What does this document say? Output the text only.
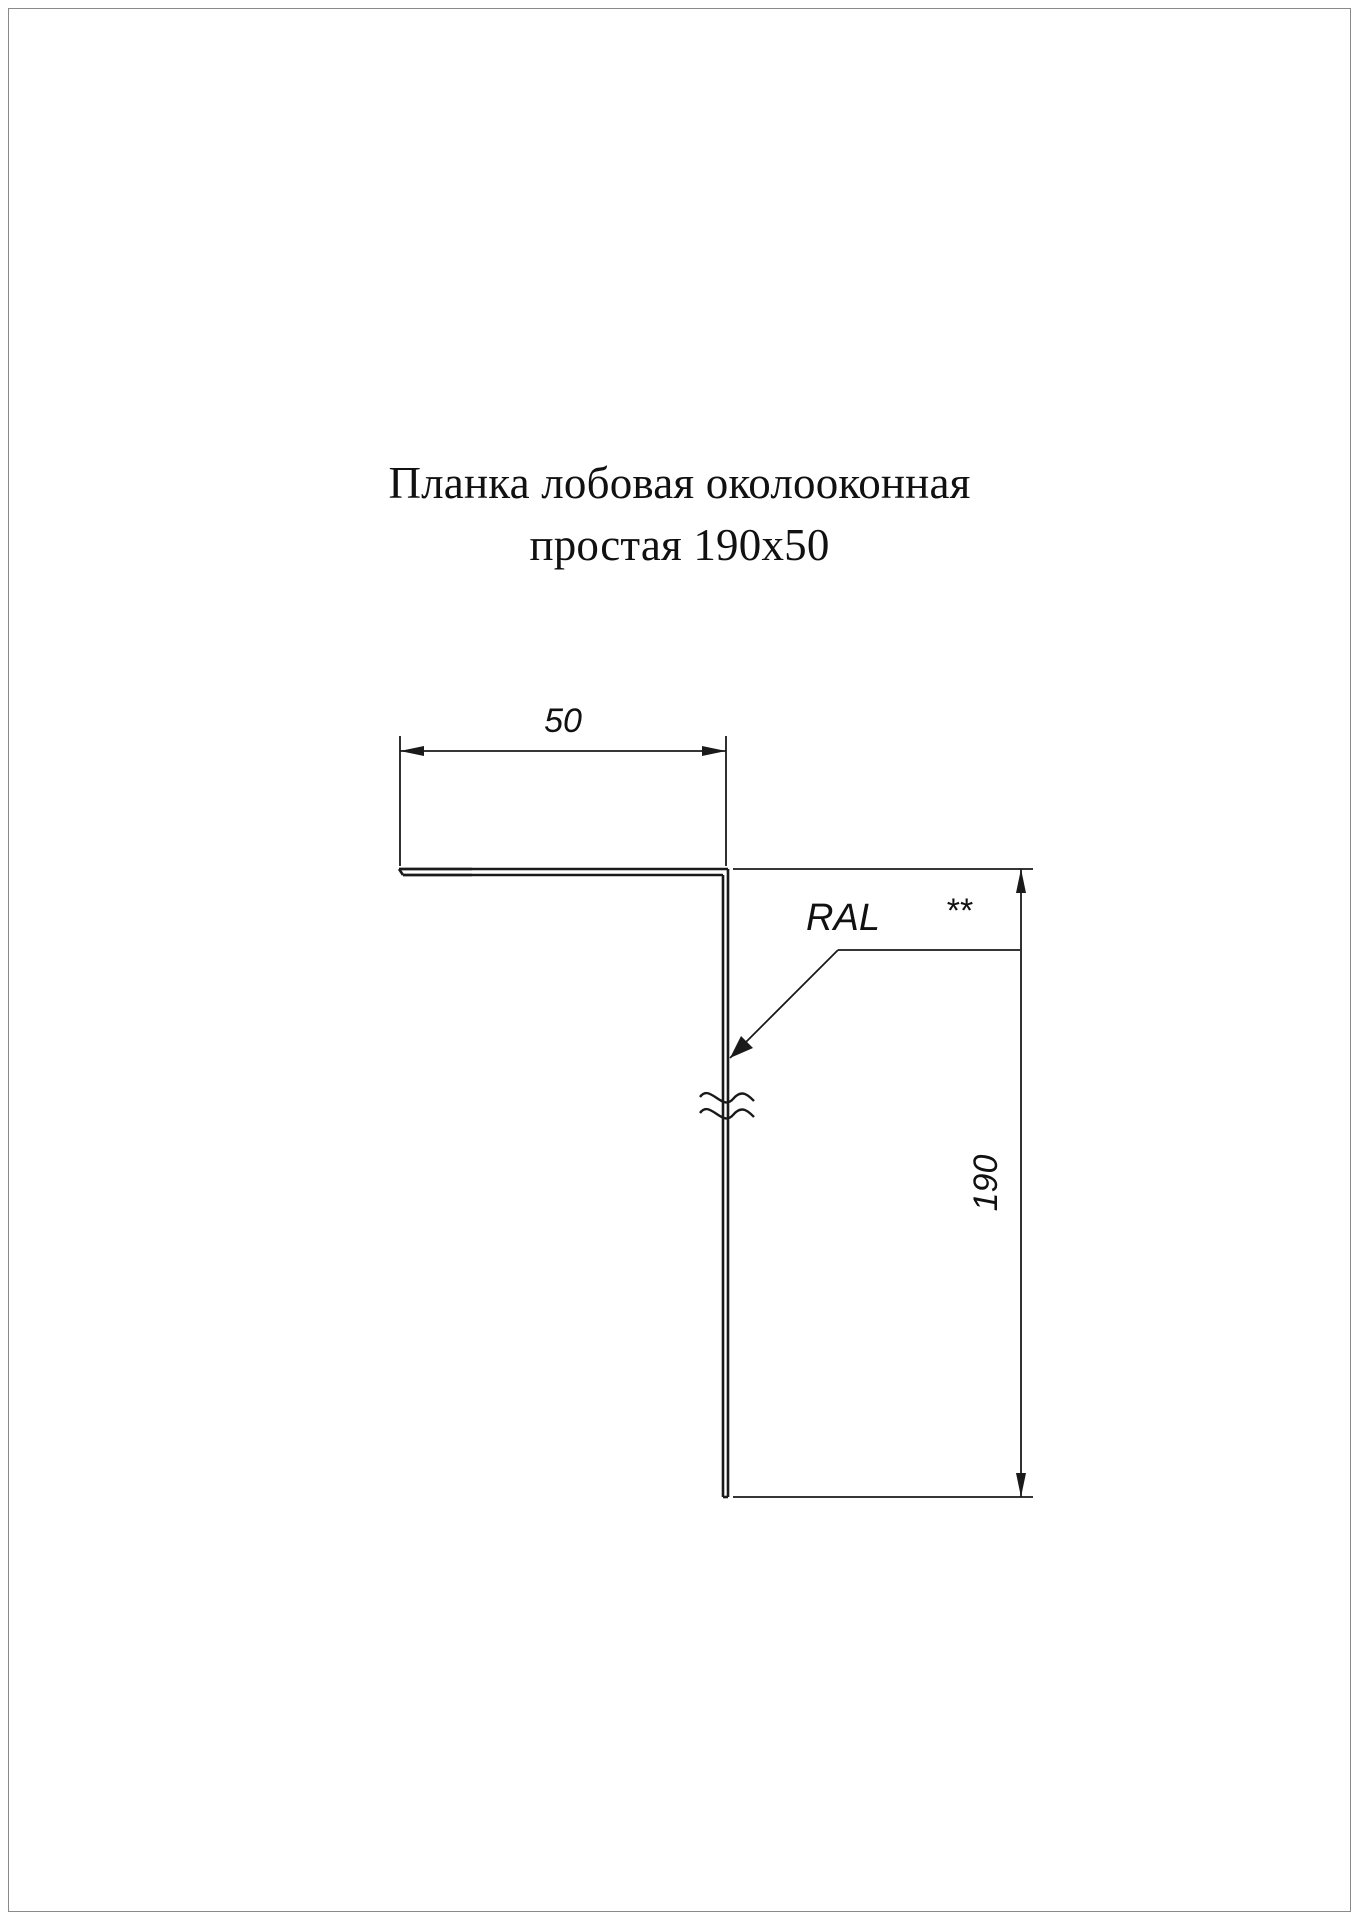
Планка лобовая околооконная
простая 190x50
50
190
RAL **
